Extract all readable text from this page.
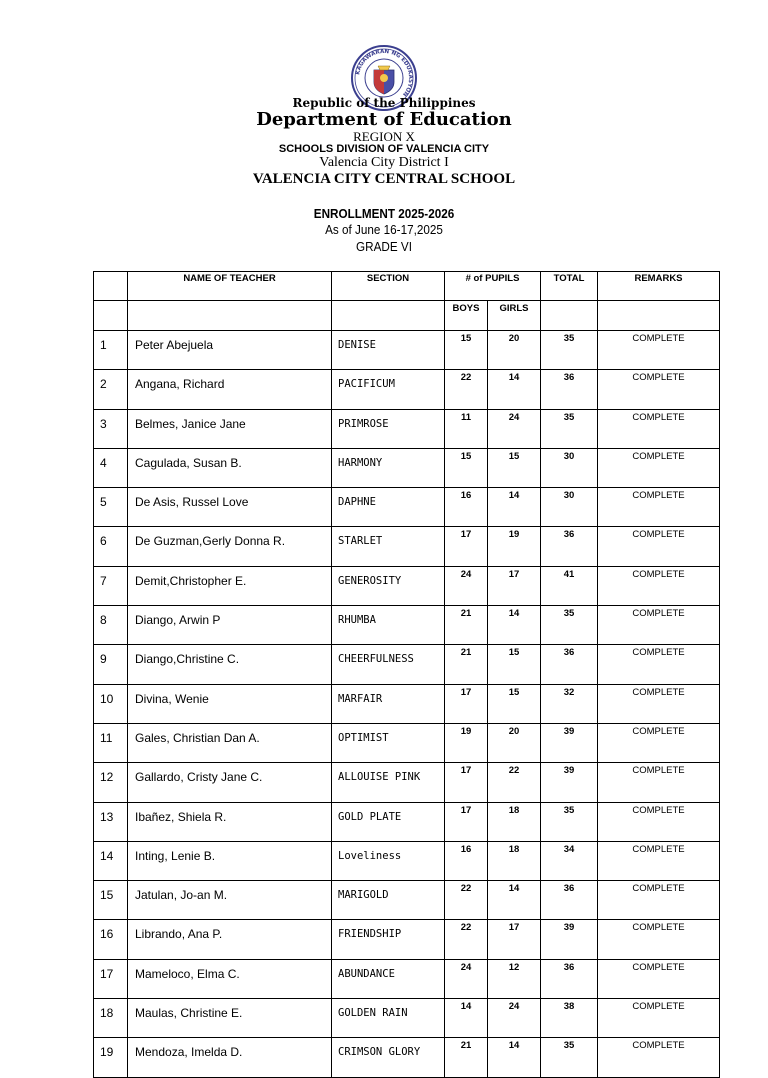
KAGAWARAN NG EDUKASYON
Republic of the Philippines
Department of Education
REGION X
SCHOOLS DIVISION OF VALENCIA CITY
Valencia City District I
VALENCIA CITY CENTRAL SCHOOL
ENROLLMENT 2025-2026
As of June 16-17,2025
GRADE VI
	NAME OF TEACHER	SECTION	# of PUPILS		TOTAL	REMARKS
			BOYS	GIRLS		
1	Peter Abejuela	DENISE	15	20	35	COMPLETE
2	Angana, Richard	PACIFICUM	22	14	36	COMPLETE
3	Belmes, Janice Jane	PRIMROSE	11	24	35	COMPLETE
4	Cagulada, Susan B.	HARMONY	15	15	30	COMPLETE
5	De Asis, Russel Love	DAPHNE	16	14	30	COMPLETE
6	De Guzman,Gerly Donna R.	STARLET	17	19	36	COMPLETE
7	Demit,Christopher E.	GENEROSITY	24	17	41	COMPLETE
8	Diango, Arwin P	RHUMBA	21	14	35	COMPLETE
9	Diango,Christine C.	CHEERFULNESS	21	15	36	COMPLETE
10	Divina, Wenie	MARFAIR	17	15	32	COMPLETE
11	Gales, Christian Dan A.	OPTIMIST	19	20	39	COMPLETE
12	Gallardo, Cristy Jane C.	ALLOUISE PINK	17	22	39	COMPLETE
13	Ibañez, Shiela R.	GOLD PLATE	17	18	35	COMPLETE
14	Inting, Lenie B.	Loveliness	16	18	34	COMPLETE
15	Jatulan, Jo-an M.	MARIGOLD	22	14	36	COMPLETE
16	Librando, Ana P.	FRIENDSHIP	22	17	39	COMPLETE
17	Mameloco, Elma C.	ABUNDANCE	24	12	36	COMPLETE
18	Maulas, Christine E.	GOLDEN RAIN	14	24	38	COMPLETE
19	Mendoza, Imelda D.	CRIMSON GLORY	21	14	35	COMPLETE
